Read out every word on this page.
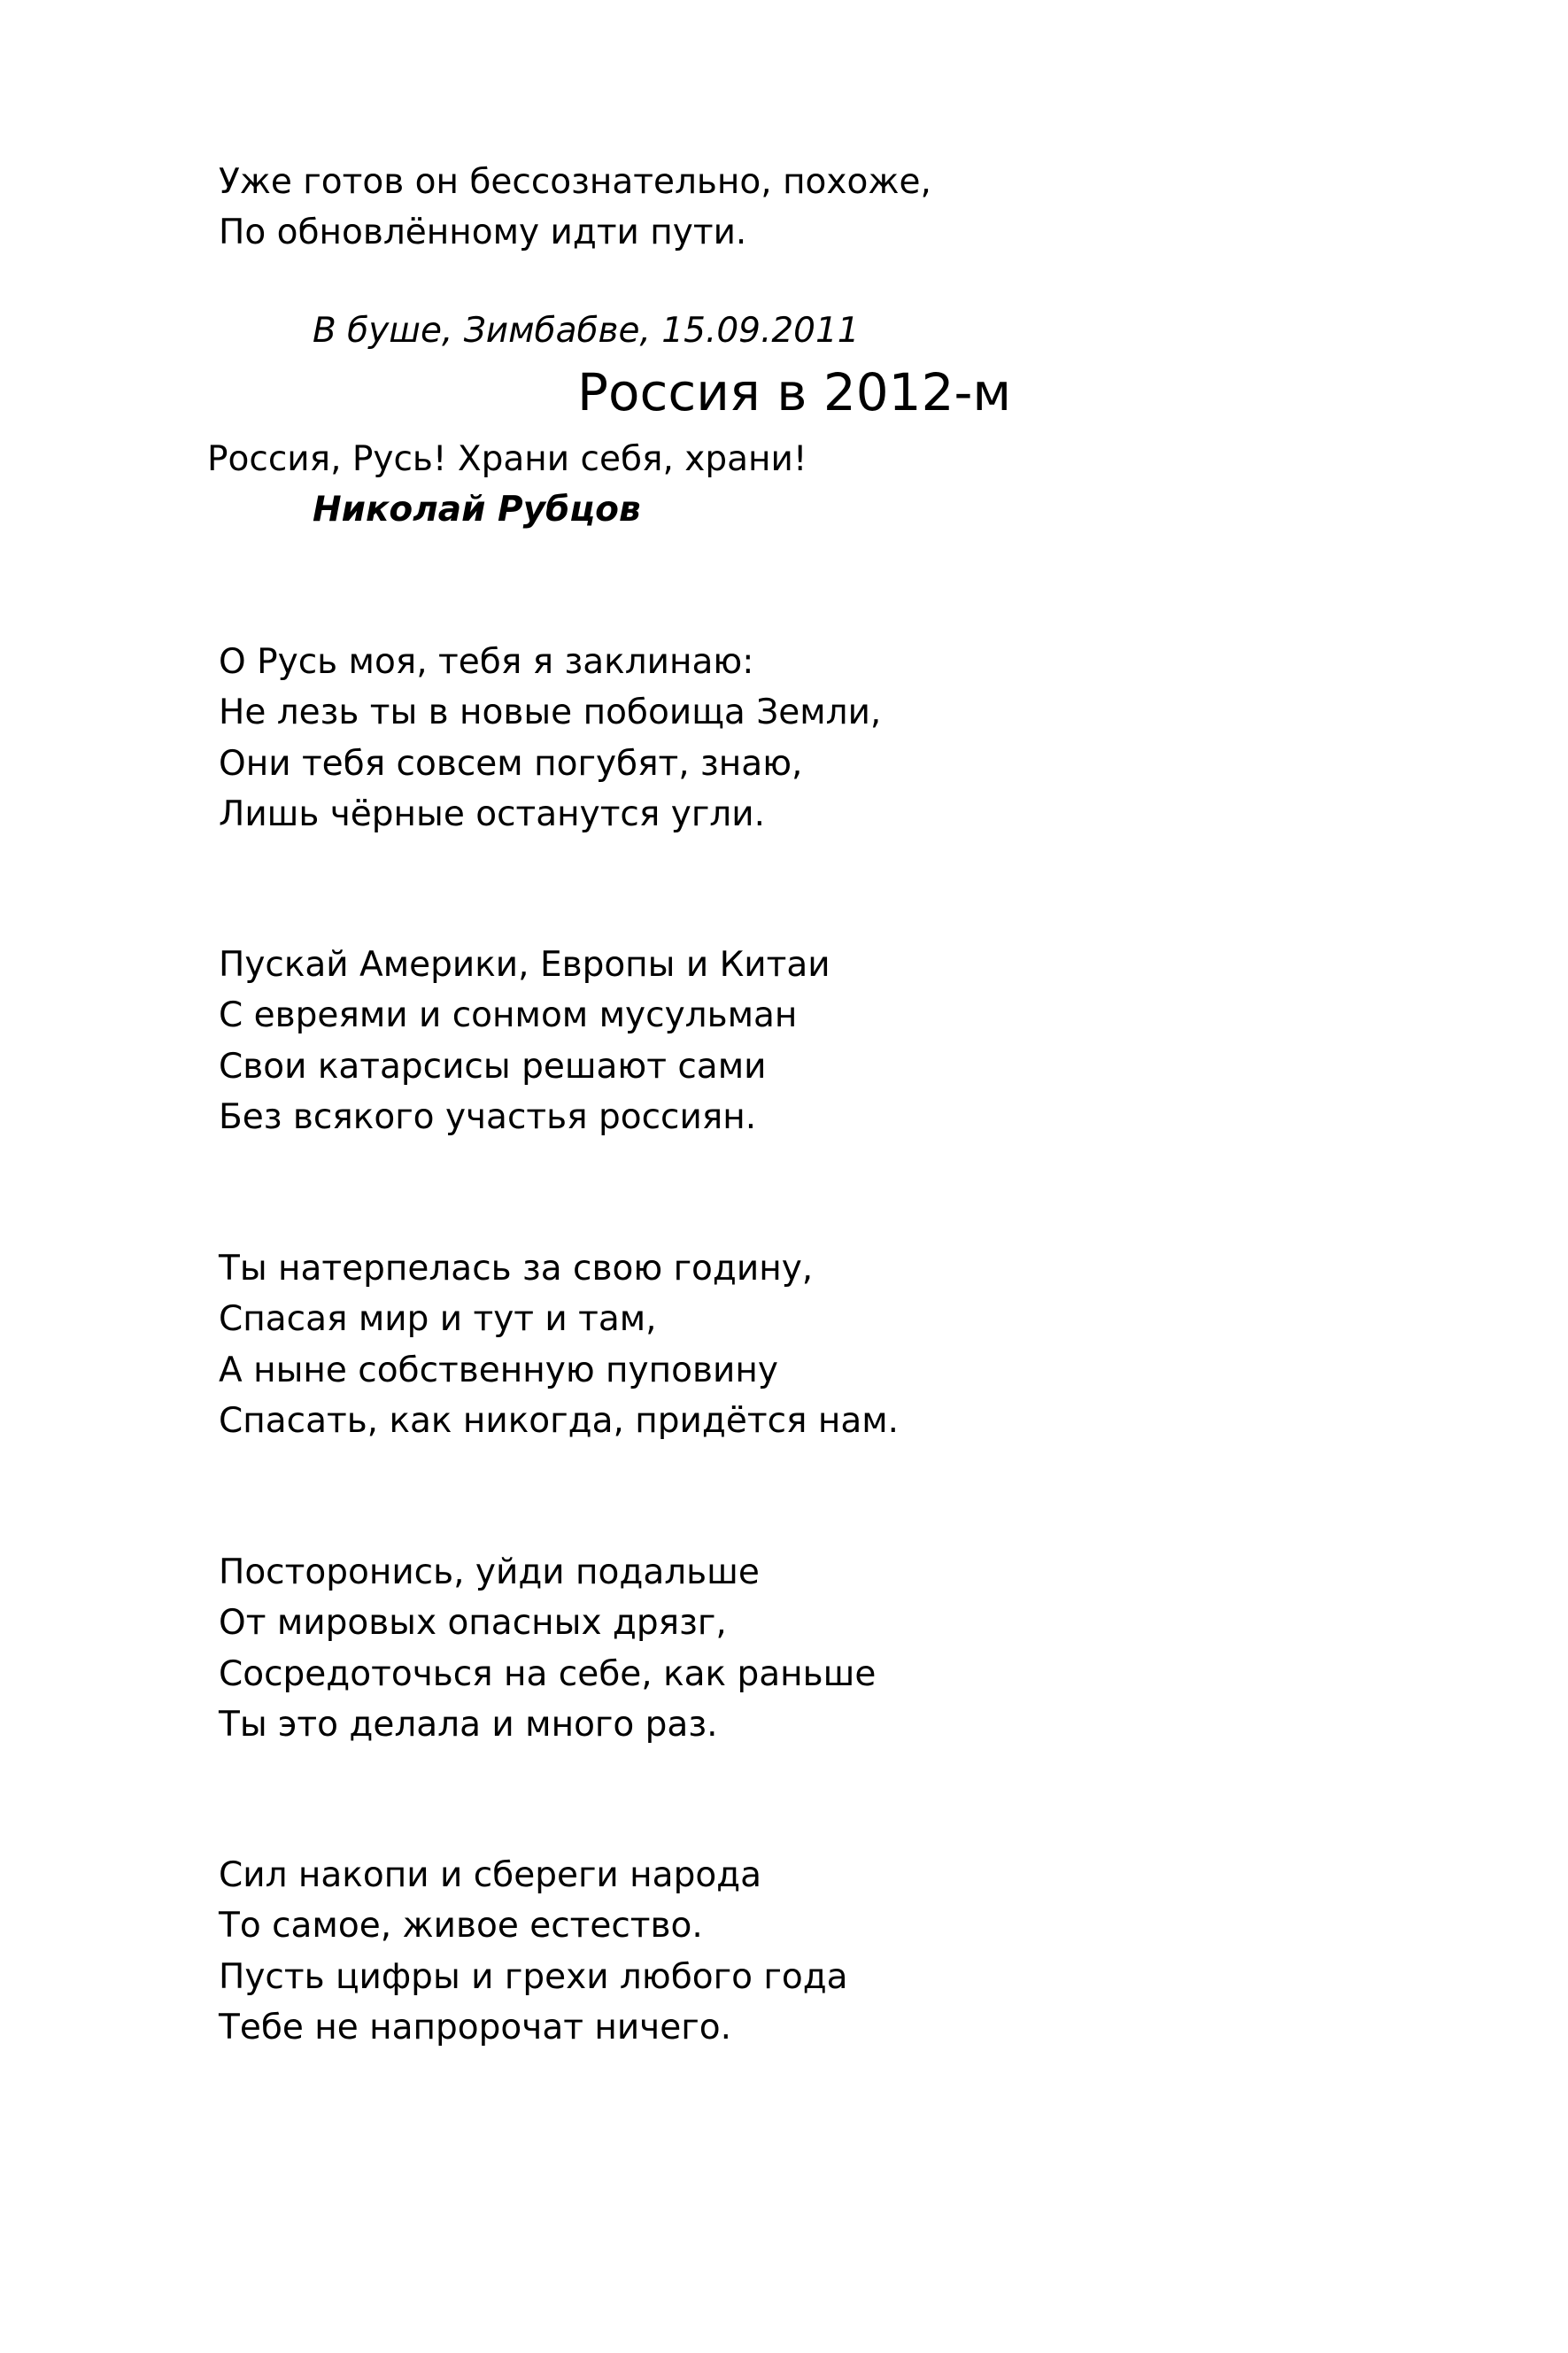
Уже готов он бессознательно, похоже,
По обновлённому идти пути.
В буше, Зимбабве, 15.09.2011
Россия в 2012-м
Россия, Русь! Храни себя, храни!
Николай Рубцов
О Русь моя, тебя я заклинаю:
Не лезь ты в новые побоища Земли,
Они тебя совсем погубят, знаю,
Лишь чёрные останутся угли.
Пускай Америки, Европы и Китаи
С евреями и сонмом мусульман
Свои катарсисы решают сами
Без всякого участья россиян.
Ты натерпелась за свою годину,
Спасая мир и тут и там,
А ныне собственную пуповину
Спасать, как никогда, придётся нам.
Посторонись, уйди подальше
От мировых опасных дрязг,
Сосредоточься на себе, как раньше
Ты это делала и много раз.
Сил накопи и сбереги народа
То самое, живое естество.
Пусть цифры и грехи любого года
Тебе не напророчат ничего.
